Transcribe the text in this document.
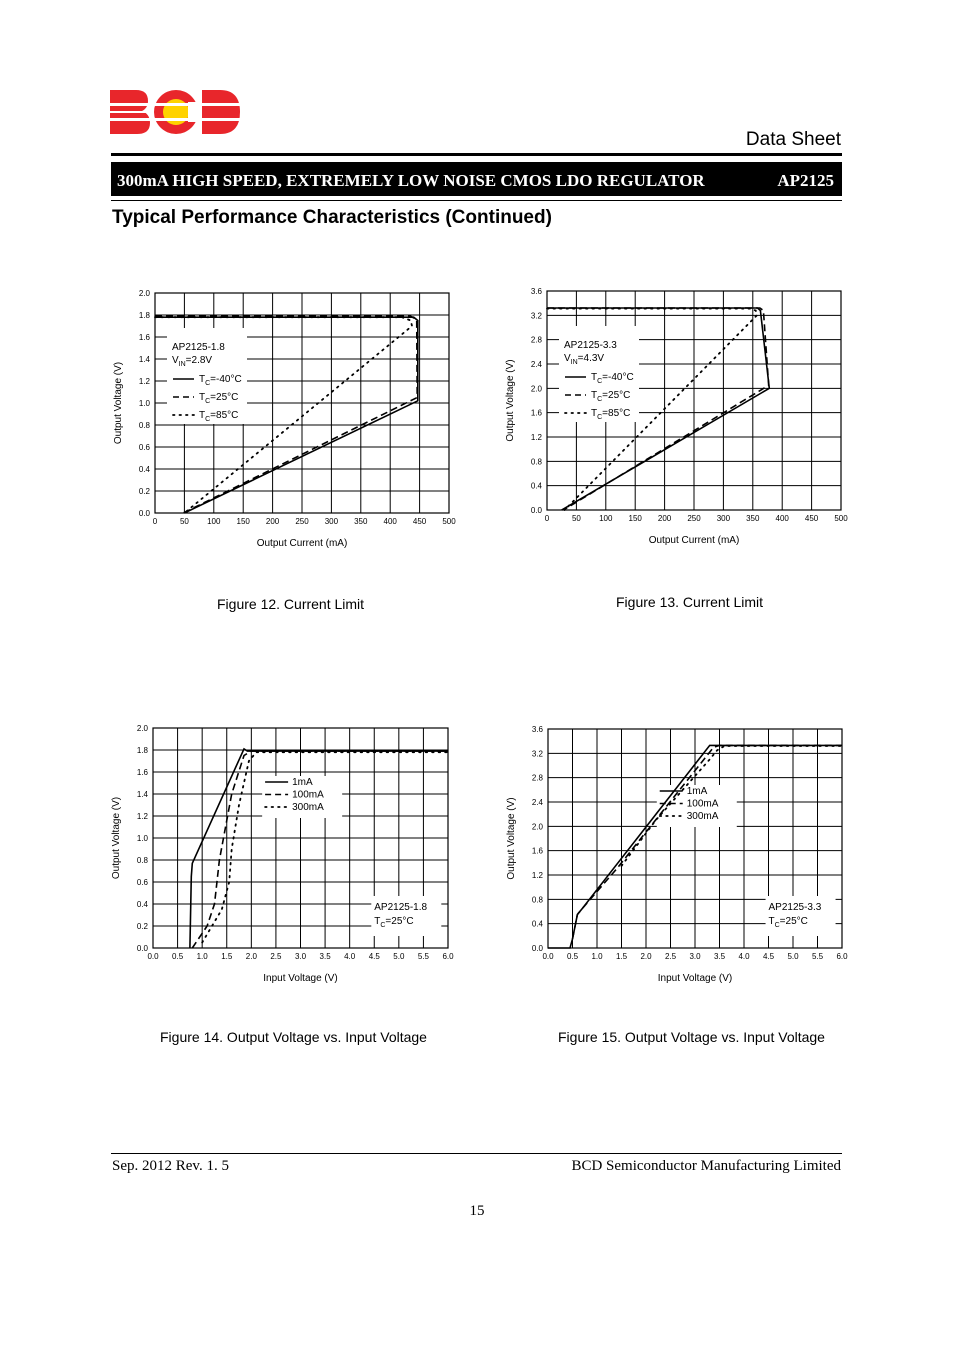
Data Sheet
300mA HIGH SPEED, EXTREMELY LOW NOISE CMOS LDO REGULATOR	AP2125
Typical Performance Characteristics (Continued)
0	50 100 150 200 250 300 350 400 450 500
0.0
0.2
0.4
0.6
0.8
1.0
1.2
1.4
1.6
1.8
2.0
Output Current (mA)
Output Voltage (V)
AP2125-1.8
$V_{IN}=2.8V$
$T_C=-40^\circ C$
$T_C=25^\circ C$
$T_C=85^\circ C$
Figure 12. Current Limit
0	50 100 150 200 250 300 350 400 450 500
0.0
0.4
0.8
1.2
1.6
2.0
2.4
2.8
3.2
3.6
Output Current (mA)
Output Voltage (V)
AP2125-3.3
$V_{IN}=4.3V$
$T_C=-40^\circ C$
$T_C=25^\circ C$
$T_C=85^\circ C$
Figure 13. Current Limit
0.0 0.5 1.0 1.5 2.0 2.5 3.0 3.5 4.0 4.5 5.0 5.5 6.0
0.0
0.2
0.4
0.6
0.8
1.0
1.2
1.4
1.6
1.8
2.0
Input Voltage (V)
Output Voltage (V)
1mA
100mA
300mA
AP2125-1.8
$T_C=25^\circ C$
Figure 14. Output Voltage vs. Input Voltage
0.0 0.5 1.0 1.5 2.0 2.5 3.0 3.5 4.0 4.5 5.0 5.5 6.0
0.0
0.4
0.8
1.2
1.6
2.0
2.4
2.8
3.2
3.6
Input Voltage (V)
Output Voltage (V)
1mA
100mA
300mA
AP2125-3.3
$T_C=25^\circ C$
Figure 15. Output Voltage vs. Input Voltage
Sep. 2012 Rev. 1. 5	BCD Semiconductor Manufacturing Limited
15
